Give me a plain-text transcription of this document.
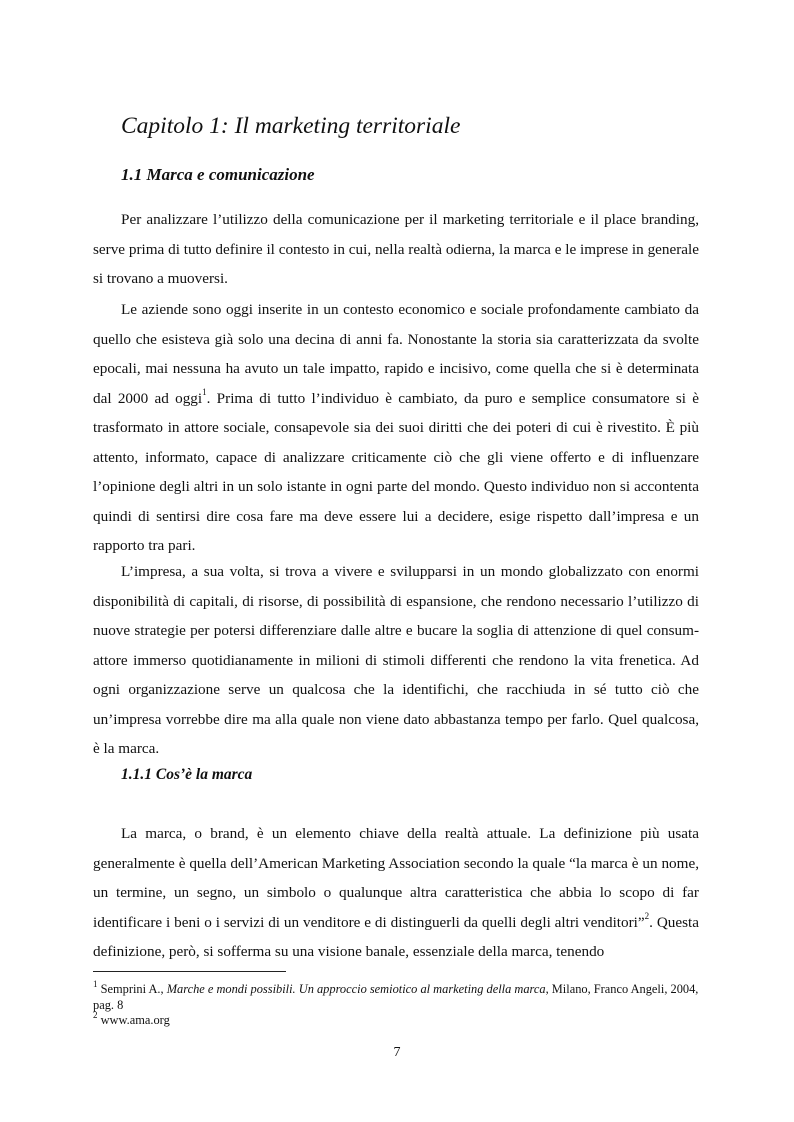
Capitolo 1: Il marketing territoriale
1.1 Marca e comunicazione

Per analizzare l’utilizzo della comunicazione per il marketing territoriale e il place branding, serve prima di tutto definire il contesto in cui, nella realtà odierna, la marca e le imprese in generale si trovano a muoversi.

Le aziende sono oggi inserite in un contesto economico e sociale profondamente cambiato da quello che esisteva già solo una decina di anni fa. Nonostante la storia sia caratterizzata da svolte epocali, mai nessuna ha avuto un tale impatto, rapido e incisivo, come quella che si è determinata dal 2000 ad oggi$^1$. Prima di tutto l’individuo è cambiato, da puro e semplice consumatore si è trasformato in attore sociale, consapevole sia dei suoi diritti che dei poteri di cui è rivestito. È più attento, informato, capace di analizzare criticamente ciò che gli viene offerto e di influenzare l’opinione degli altri in un solo istante in ogni parte del mondo. Questo individuo non si accontenta quindi di sentirsi dire cosa fare ma deve essere lui a decidere, esige rispetto dall’impresa e un rapporto tra pari.

L’impresa, a sua volta, si trova a vivere e svilupparsi in un mondo globalizzato con enormi disponibilità di capitali, di risorse, di possibilità di espansione, che rendono necessario l’utilizzo di nuove strategie per potersi differenziare dalle altre e bucare la soglia di attenzione di quel consum-attore immerso quotidianamente in milioni di stimoli differenti che rendono la vita frenetica. Ad ogni organizzazione serve un qualcosa che la identifichi, che racchiuda in sé tutto ciò che un’impresa vorrebbe dire ma alla quale non viene dato abbastanza tempo per farlo. Quel qualcosa, è la marca.

1.1.1 Cos’è la marca

La marca, o brand, è un elemento chiave della realtà attuale. La definizione più usata generalmente è quella dell’American Marketing Association secondo la quale “la marca è un nome, un termine, un segno, un simbolo o qualunque altra caratteristica che abbia lo scopo di far identificare i beni o i servizi di un venditore e di distinguerli da quelli degli altri venditori”$^2$. Questa definizione, però, si sofferma su una visione banale, essenziale della marca, tenendo

$^1$ Semprini A., Marche e mondi possibili. Un approccio semiotico al marketing della marca, Milano, Franco Angeli, 2004, pag. 8

$^2$ www.ama.org

7
